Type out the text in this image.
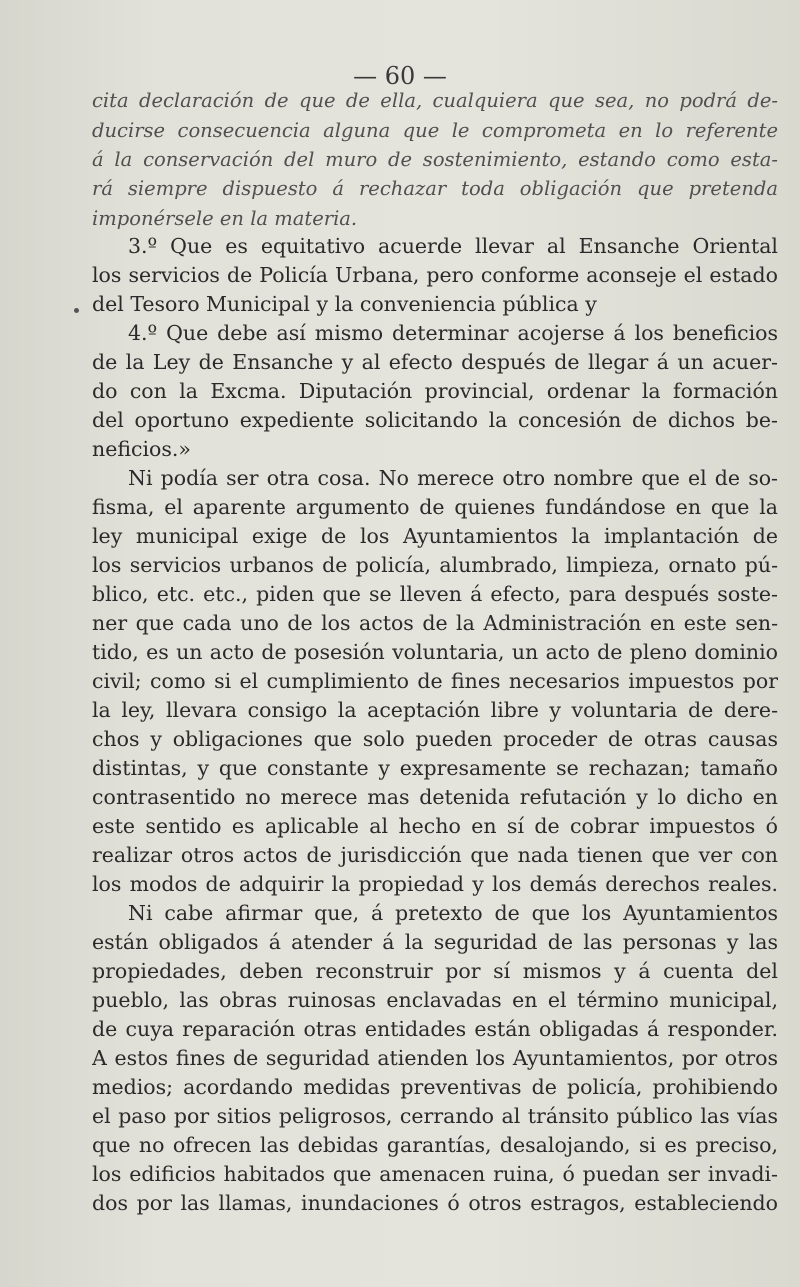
— 60 —
cita declaración de que de ella, cualquiera que sea, no podrá de-
ducirse consecuencia alguna que le comprometa en lo referente
á la conservación del muro de sostenimiento, estando como esta-
rá siempre dispuesto á rechazar toda obligación que pretenda
imponérsele en la materia.
3.º Que es equitativo acuerde llevar al Ensanche Oriental
los servicios de Policía Urbana, pero conforme aconseje el estado
del Tesoro Municipal y la conveniencia pública y
4.º Que debe así mismo determinar acojerse á los beneficios
de la Ley de Ensanche y al efecto después de llegar á un acuer-
do con la Excma. Diputación provincial, ordenar la formación
del oportuno expediente solicitando la concesión de dichos be-
neficios.»
Ni podía ser otra cosa. No merece otro nombre que el de so-
fisma, el aparente argumento de quienes fundándose en que la
ley municipal exige de los Ayuntamientos la implantación de
los servicios urbanos de policía, alumbrado, limpieza, ornato pú-
blico, etc. etc., piden que se lleven á efecto, para después soste-
ner que cada uno de los actos de la Administración en este sen-
tido, es un acto de posesión voluntaria, un acto de pleno dominio
civil; como si el cumplimiento de fines necesarios impuestos por
la ley, llevara consigo la aceptación libre y voluntaria de dere-
chos y obligaciones que solo pueden proceder de otras causas
distintas, y que constante y expresamente se rechazan; tamaño
contrasentido no merece mas detenida refutación y lo dicho en
este sentido es aplicable al hecho en sí de cobrar impuestos ó
realizar otros actos de jurisdicción que nada tienen que ver con
los modos de adquirir la propiedad y los demás derechos reales.
Ni cabe afirmar que, á pretexto de que los Ayuntamientos
están obligados á atender á la seguridad de las personas y las
propiedades, deben reconstruir por sí mismos y á cuenta del
pueblo, las obras ruinosas enclavadas en el término municipal,
de cuya reparación otras entidades están obligadas á responder.
A estos fines de seguridad atienden los Ayuntamientos, por otros
medios; acordando medidas preventivas de policía, prohibiendo
el paso por sitios peligrosos, cerrando al tránsito público las vías
que no ofrecen las debidas garantías, desalojando, si es preciso,
los edificios habitados que amenacen ruina, ó puedan ser invadi-
dos por las llamas, inundaciones ó otros estragos, estableciendo
